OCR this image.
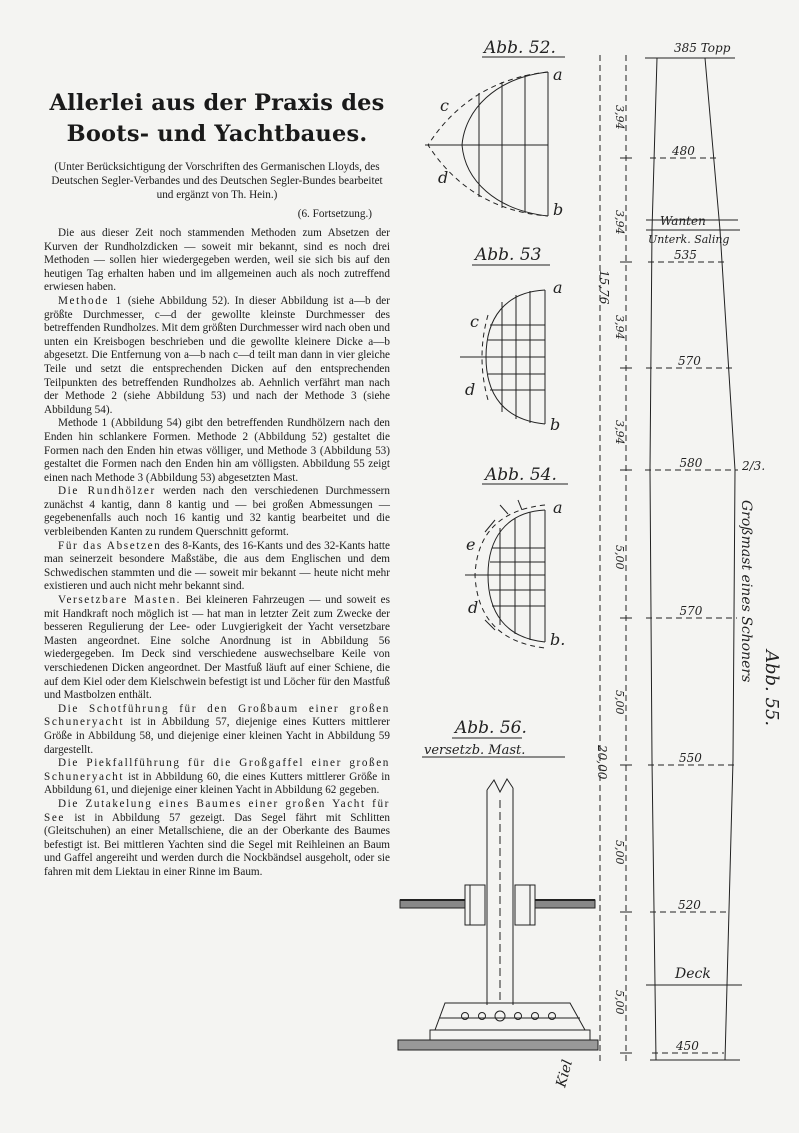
Allerlei aus der Praxis des
Boots- und Yachtbaues.
(Unter Berücksichtigung der Vorschriften des Germanischen Lloyds, des Deutschen Segler-Verbandes und des Deutschen Segler-Bundes bearbeitet und ergänzt von Th. Hein.)
(6. Fortsetzung.)

Die aus dieser Zeit noch stammenden Methoden zum Absetzen der Kurven der Rundholzdicken — soweit mir bekannt, sind es noch drei Methoden — sollen hier wiedergegeben werden, weil sie sich bis auf den heutigen Tag erhalten haben und im allgemeinen auch als noch zutreffend erwiesen haben.

Methode 1 (siehe Abbildung 52). In dieser Abbildung ist a—b der größte Durchmesser, c—d der gewollte kleinste Durchmesser des betreffenden Rundholzes. Mit dem größten Durchmesser wird nach oben und unten ein Kreisbogen beschrieben und die gewollte kleinere Dicke a—b abgesetzt. Die Entfernung von a—b nach c—d teilt man dann in vier gleiche Teile und setzt die entsprechenden Dicken auf den entsprechenden Teilpunkten des betreffenden Rundholzes ab. Aehnlich verfährt man nach der Methode 2 (siehe Abbildung 53) und nach der Methode 3 (siehe Abbildung 54).

Methode 1 (Abbildung 54) gibt den betreffenden Rundhölzern nach den Enden hin schlankere Formen. Methode 2 (Abbildung 52) gestaltet die Formen nach den Enden hin etwas völliger, und Methode 3 (Abbildung 53) gestaltet die Formen nach den Enden hin am völligsten. Abbildung 55 zeigt einen nach Methode 3 (Abbildung 53) abgesetzten Mast.

Die Rundhölzer werden nach den verschiedenen Durchmessern zunächst 4 kantig, dann 8 kantig und — bei großen Abmessungen — gegebenenfalls auch noch 16 kantig und 32 kantig bearbeitet und die verbleibenden Kanten zu rundem Querschnitt geformt.

Für das Absetzen des 8-Kants, des 16-Kants und des 32-Kants hatte man seinerzeit besondere Maßstäbe, die aus dem Englischen und dem Schwedischen stammten und die — soweit mir bekannt — heute nicht mehr existieren und auch nicht mehr bekannt sind.

Versetzbare Masten. Bei kleineren Fahrzeugen — und soweit es mit Handkraft noch möglich ist — hat man in letzter Zeit zum Zwecke der besseren Regulierung der Lee- oder Luvgierigkeit der Yacht versetzbare Masten angeordnet. Eine solche Anordnung ist in Abbildung 56 wiedergegeben. Im Deck sind verschiedene auswechselbare Keile von verschiedenen Dicken angeordnet. Der Mastfuß läuft auf einer Schiene, die auf dem Kiel oder dem Kielschwein befestigt ist und Löcher für den Mastfuß und Mastbolzen enthält.

Die Schotführung für den Großbaum einer großen Schuneryacht ist in Abbildung 57, diejenige eines Kutters mittlerer Größe in Abbildung 58, und diejenige einer kleinen Yacht in Abbildung 59 dargestellt.

Die Piekfallführung für die Großgaffel einer großen Schuneryacht ist in Abbildung 60, die eines Kutters mittlerer Größe in Abbildung 61, und diejenige einer kleinen Yacht in Abbildung 62 gegeben.

Die Zutakelung eines Baumes einer großen Yacht für See ist in Abbildung 57 gezeigt. Das Segel fährt mit Schlitten (Gleitschuhen) an einer Metallschiene, die an der Oberkante des Baumes befestigt ist. Bei mittleren Yachten sind die Segel mit Reihleinen an Baum und Gaffel angereiht und werden durch die Nockbändsel ausgeholt, oder sie fahren mit dem Liektau in einer Rinne im Baum.

Abb. 52.
a
c
d
b
Abb. 53
a
c
d
b
Abb. 54.
a
e
d
b.
Abb. 56.
versetzb. Mast.
Kiel
385 Topp
Wanten
Unterk. Saling
Deck
2/3.
480
535
570
580
570
550
520
450
3,94
3,94
3,94
3,94
5,00
5,00
5,00
5,00
Abb. 55.
Großmast eines Schoners
15,76
20,00
